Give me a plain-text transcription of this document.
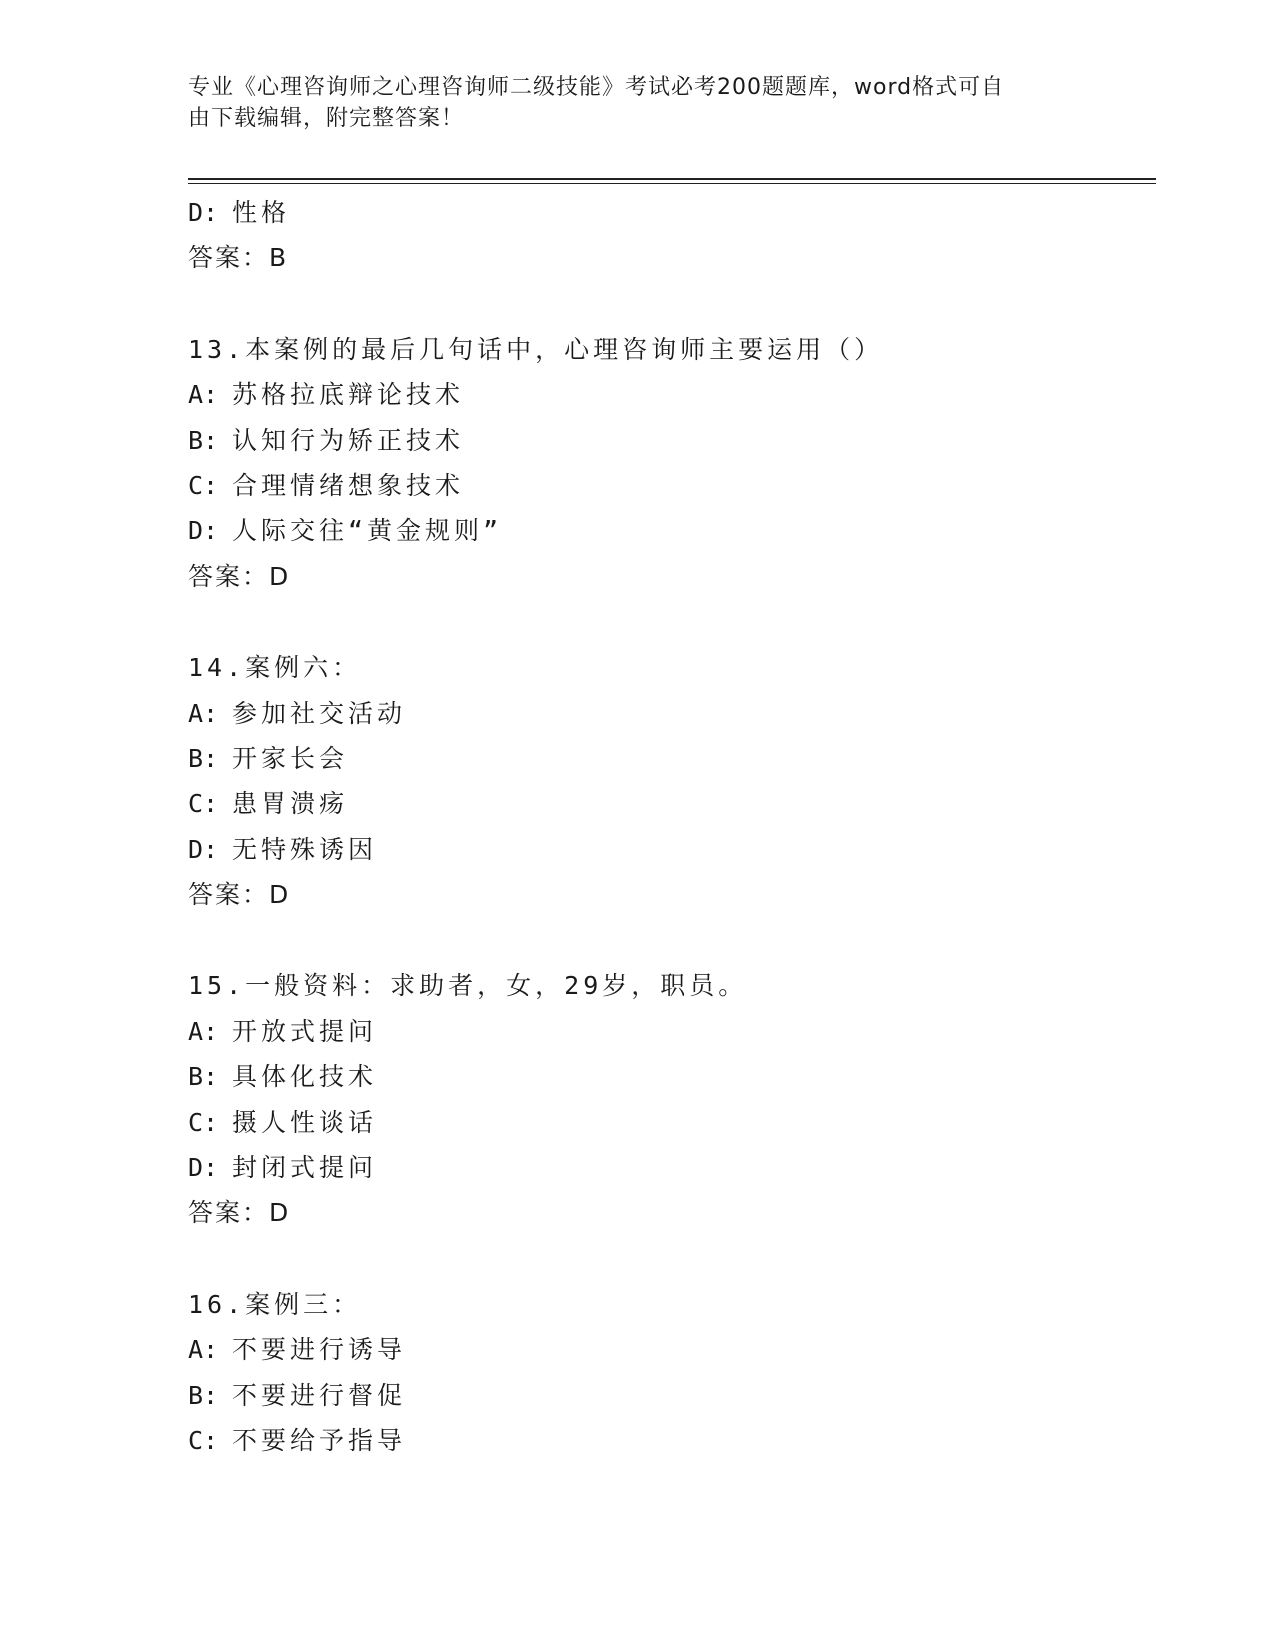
专业《心理咨询师之心理咨询师二级技能》考试必考200题题库，word格式可自
由下载编辑，附完整答案！
D: 性格
答案：B
13.本案例的最后几句话中，心理咨询师主要运用（）
A: 苏格拉底辩论技术
B: 认知行为矫正技术
C: 合理情绪想象技术
D: 人际交往“黄金规则”
答案：D
14.案例六：
A: 参加社交活动
B: 开家长会
C: 患胃溃疡
D: 无特殊诱因
答案：D
15.一般资料：求助者，女，29岁，职员。
A: 开放式提问
B: 具体化技术
C: 摄人性谈话
D: 封闭式提问
答案：D
16.案例三：
A: 不要进行诱导
B: 不要进行督促
C: 不要给予指导
